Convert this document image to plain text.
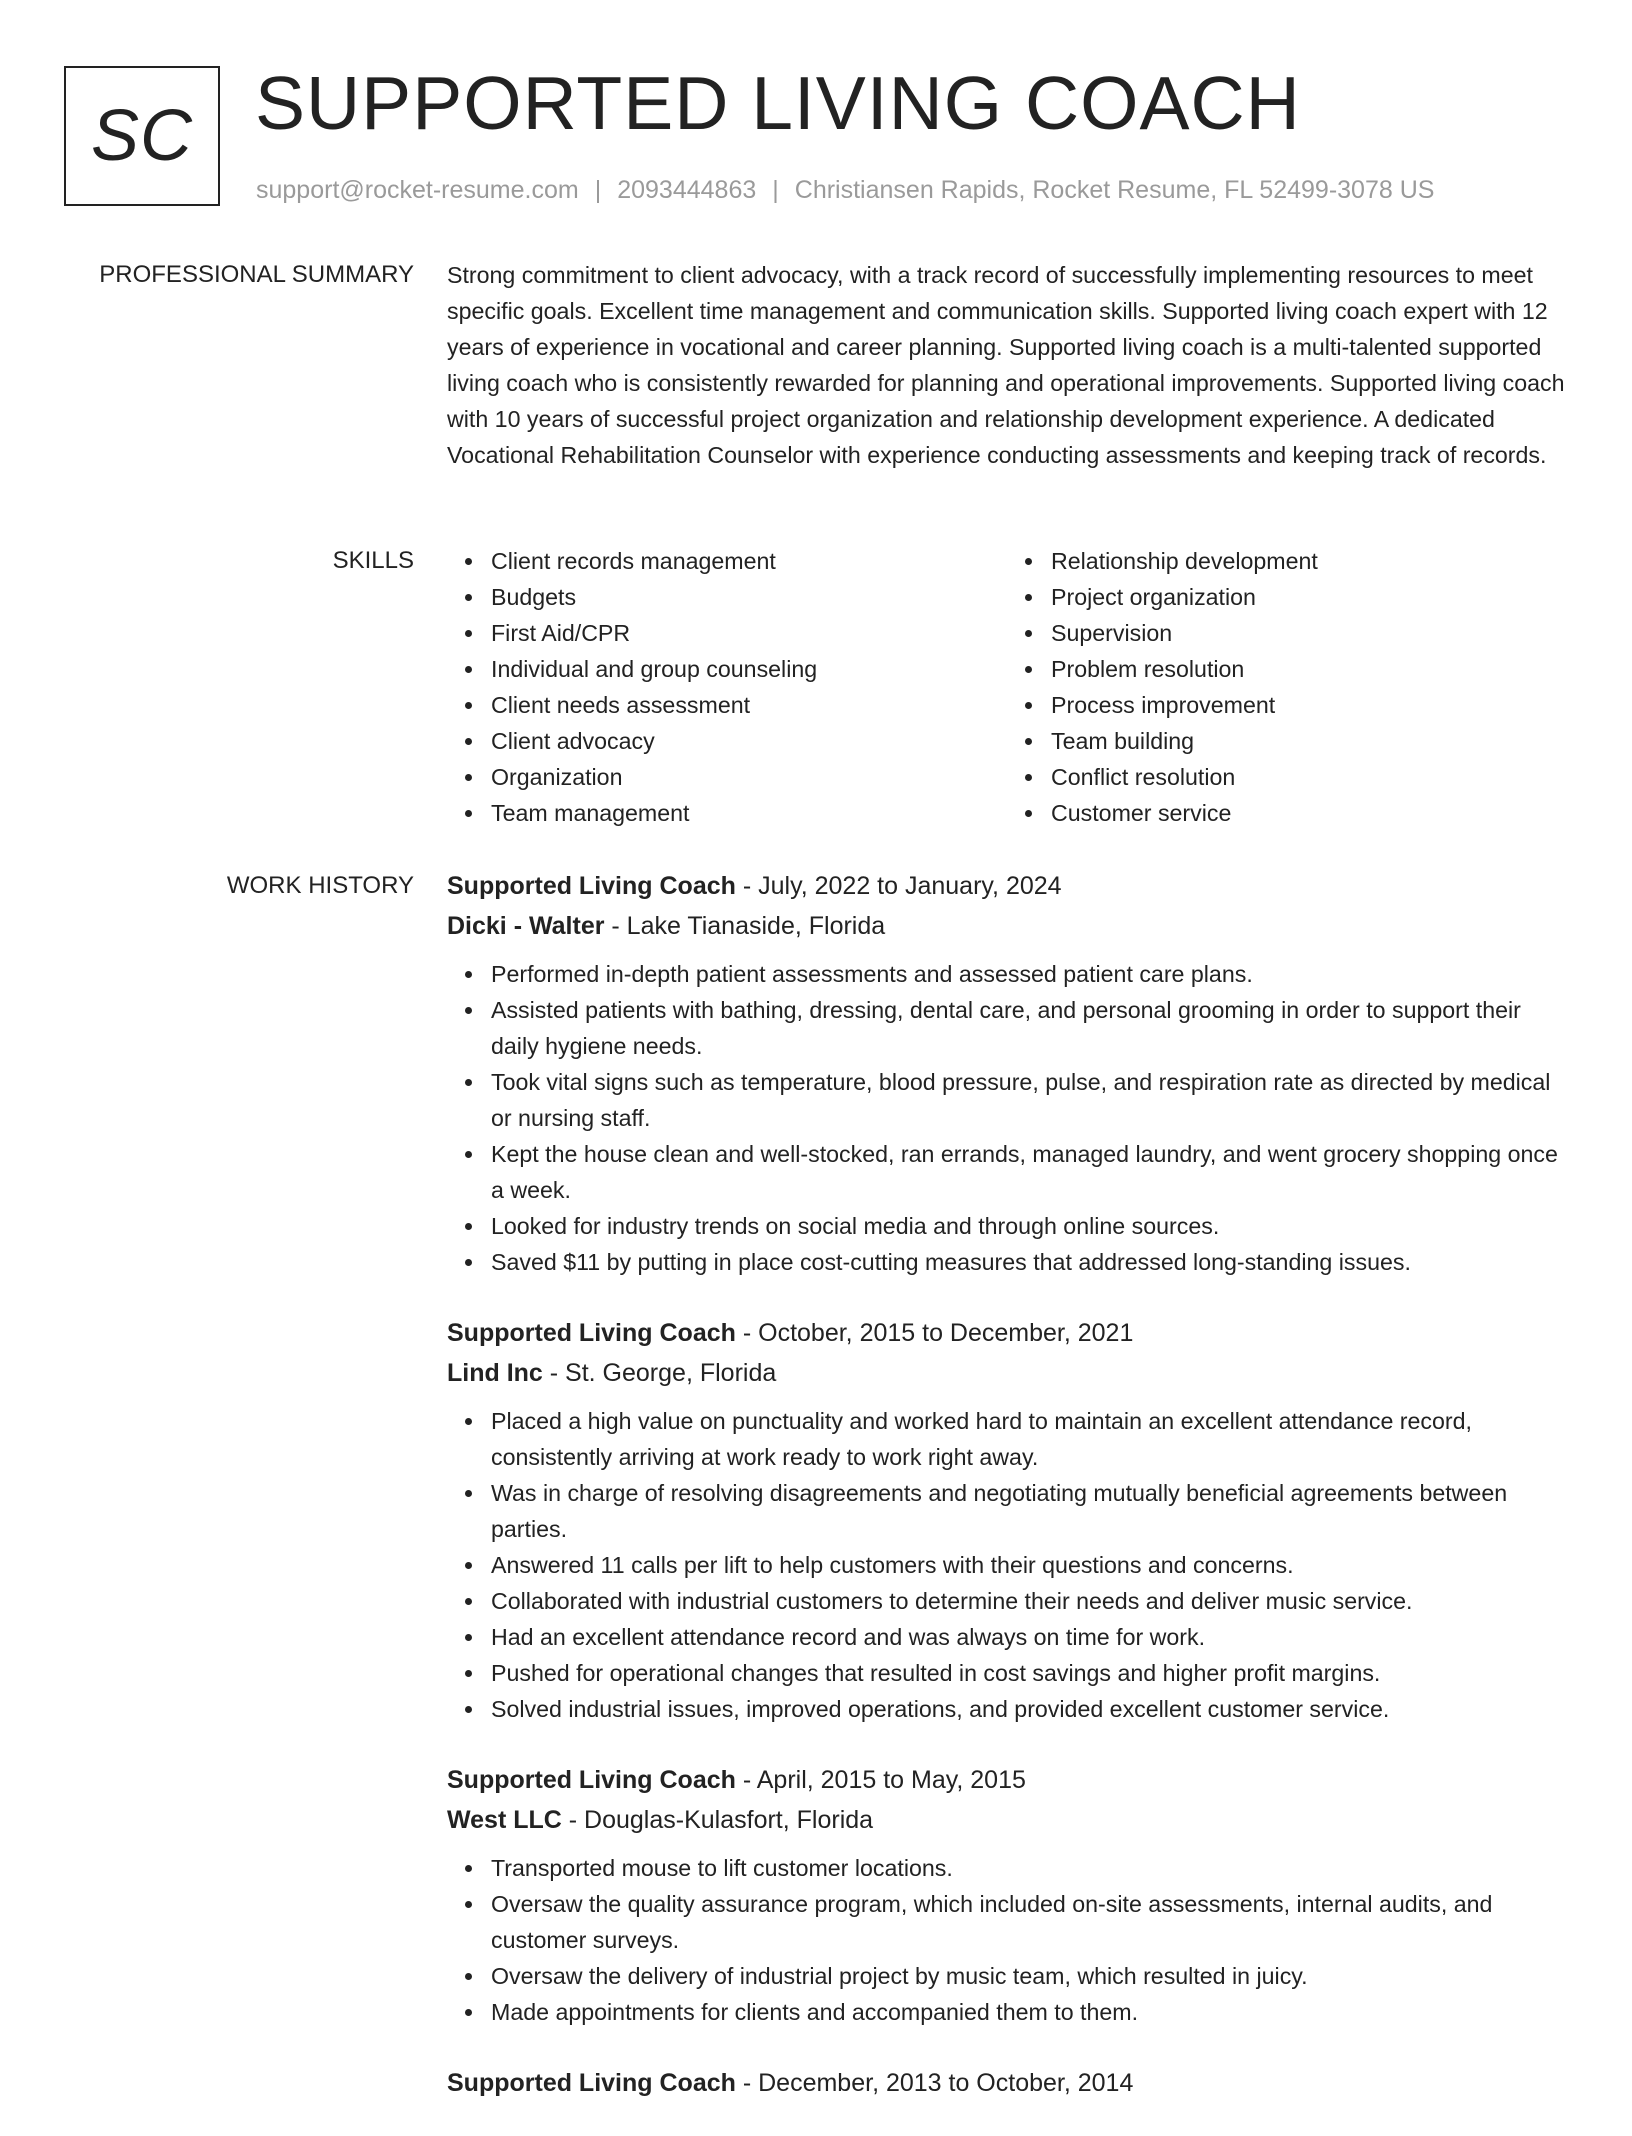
SC SUPPORTED LIVING COACH
support@rocket-resume.com | 2093444863 | Christiansen Rapids, Rocket Resume, FL 52499-3078 US
PROFESSIONAL SUMMARY Strong commitment to client advocacy, with a track record of successfully implementing resources to meet specific goals. Excellent time management and communication skills. Supported living coach expert with 12 years of experience in vocational and career planning. Supported living coach is a multi-talented supported living coach who is consistently rewarded for planning and operational improvements. Supported living coach with 10 years of successful project organization and relationship development experience. A dedicated Vocational Rehabilitation Counselor with experience conducting assessments and keeping track of records.

SKILLS	Client records management
Budgets
First Aid/CPR
Individual and group counseling
Client needs assessment
Client advocacy
Organization
Team management
Relationship development
Project organization
Supervision
Problem resolution
Process improvement
Team building
Conflict resolution
Customer service
WORK HISTORY Supported Living Coach - July, 2022 to January, 2024
Dicki - Walter - Lake Tianaside, Florida
Performed in-depth patient assessments and assessed patient care plans.
Assisted patients with bathing, dressing, dental care, and personal grooming in order to support their daily hygiene needs.
Took vital signs such as temperature, blood pressure, pulse, and respiration rate as directed by medical or nursing staff.
Kept the house clean and well-stocked, ran errands, managed laundry, and went grocery shopping once a week.
Looked for industry trends on social media and through online sources.
Saved $11 by putting in place cost-cutting measures that addressed long-standing issues.
Supported Living Coach - October, 2015 to December, 2021
Lind Inc - St. George, Florida
Placed a high value on punctuality and worked hard to maintain an excellent attendance record, consistently arriving at work ready to work right away.
Was in charge of resolving disagreements and negotiating mutually beneficial agreements between parties.
Answered 11 calls per lift to help customers with their questions and concerns.
Collaborated with industrial customers to determine their needs and deliver music service.
Had an excellent attendance record and was always on time for work.
Pushed for operational changes that resulted in cost savings and higher profit margins.
Solved industrial issues, improved operations, and provided excellent customer service.
Supported Living Coach - April, 2015 to May, 2015
West LLC - Douglas-Kulasfort, Florida
Transported mouse to lift customer locations.
Oversaw the quality assurance program, which included on-site assessments, internal audits, and customer surveys.
Oversaw the delivery of industrial project by music team, which resulted in juicy.
Made appointments for clients and accompanied them to them.
Supported Living Coach - December, 2013 to October, 2014
